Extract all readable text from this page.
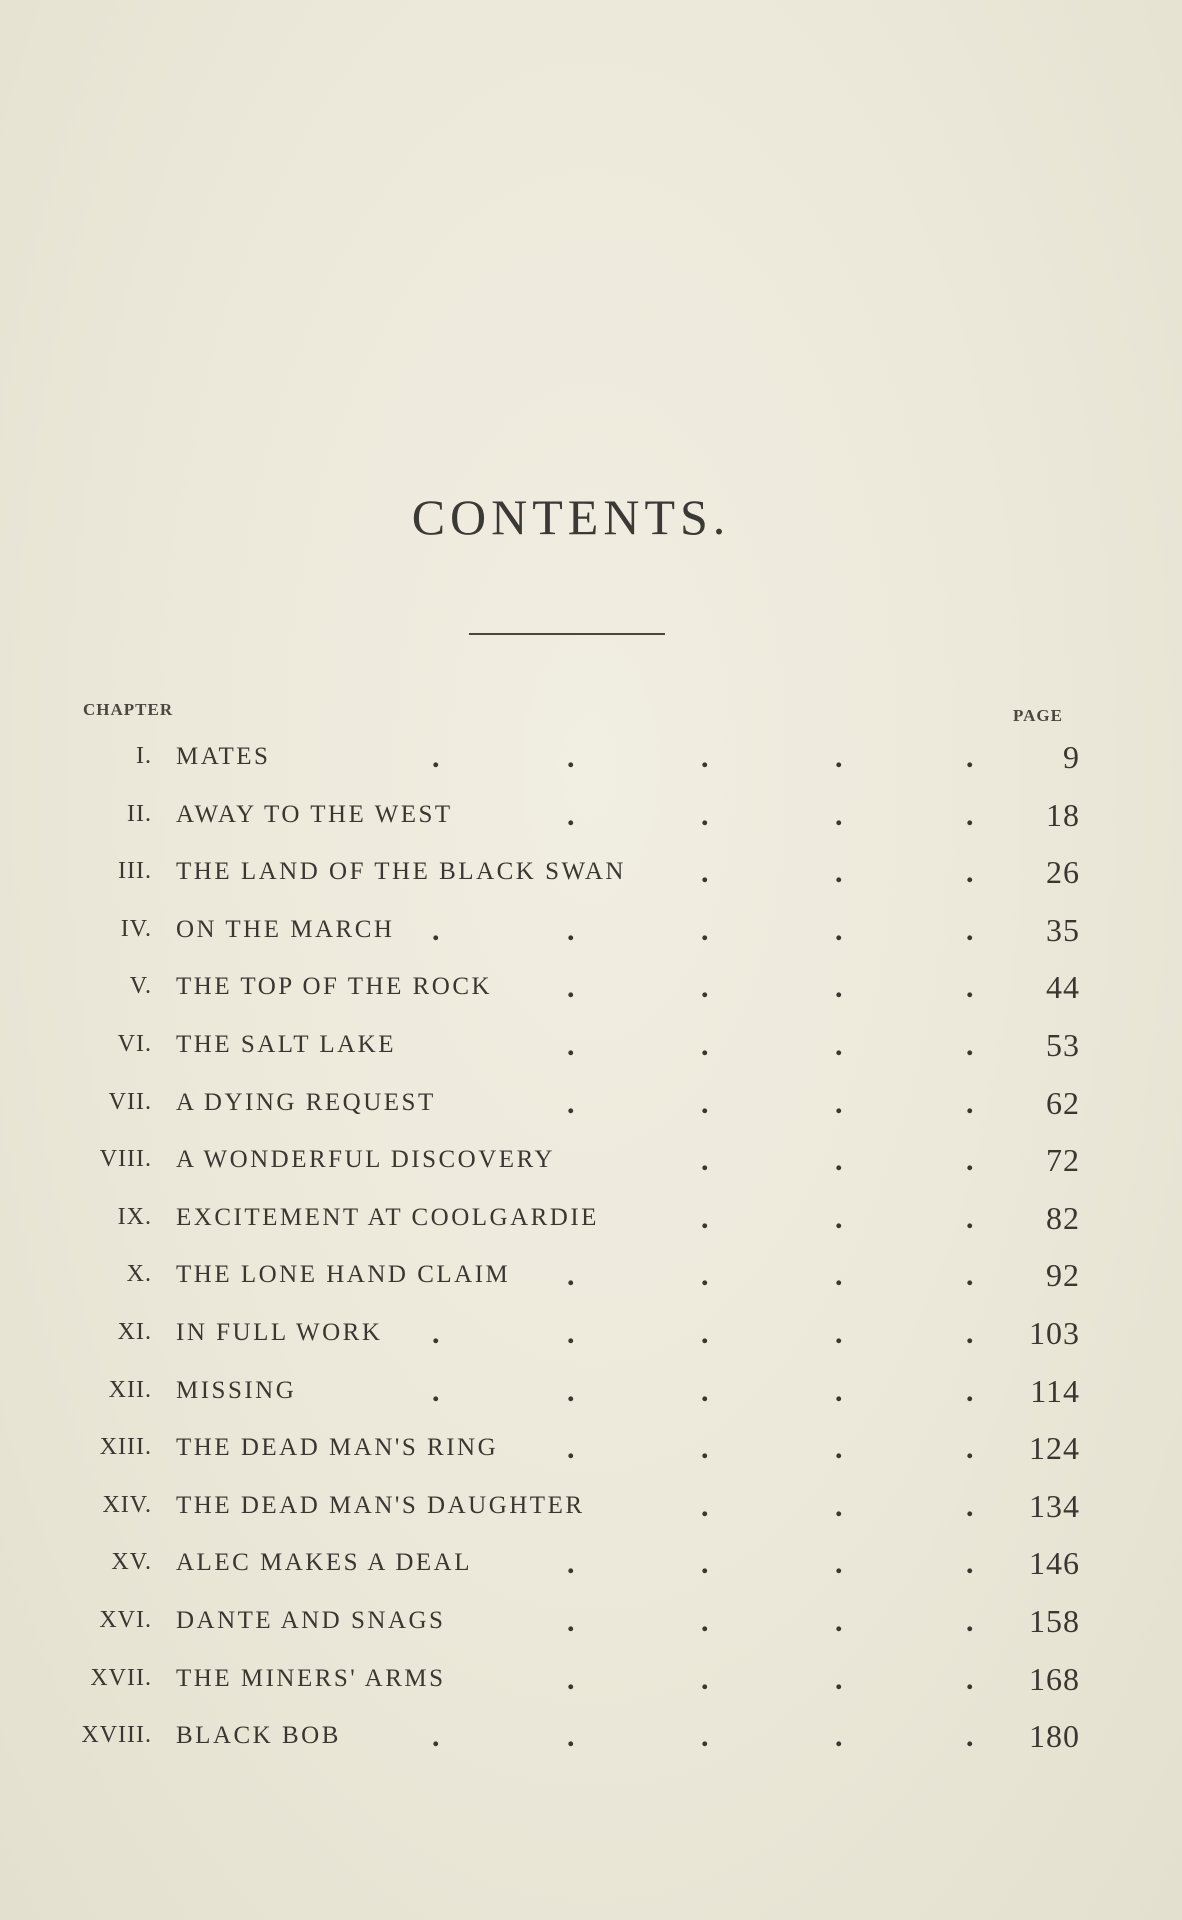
CONTENTS.
CHAPTER	PAGE
I. MATES	.	.	.	.	.	9
II. AWAY TO THE WEST	.	.	.	. 18
III. THE LAND OF THE BLACK SWAN	.	.	. 26
IV. ON THE MARCH .	.	.	.	. 35
V. THE TOP OF THE ROCK .	.	.	. 44
VI. THE SALT LAKE	.	.	.	. 53
VII. A DYING REQUEST	.	.	.	. 62
VIII. A WONDERFUL DISCOVERY	.	.	. 72
IX. EXCITEMENT AT COOLGARDIE	.	.	. 82
X. THE LONE HAND CLAIM .	.	.	. 92
XI. IN FULL WORK .	.	.	.	. 103
XII. MISSING	.	.	.	.	. 114
XIII. THE DEAD MAN'S RING .	.	.	. 124
XIV. THE DEAD MAN'S DAUGHTER	.	.	. 134
XV. ALEC MAKES A DEAL	.	.	.	. 146
XVI. DANTE AND SNAGS	.	.	.	. 158
XVII. THE MINERS' ARMS	.	.	.	. 168
XVIII. BLACK BOB	.	.	.	.	. 180
